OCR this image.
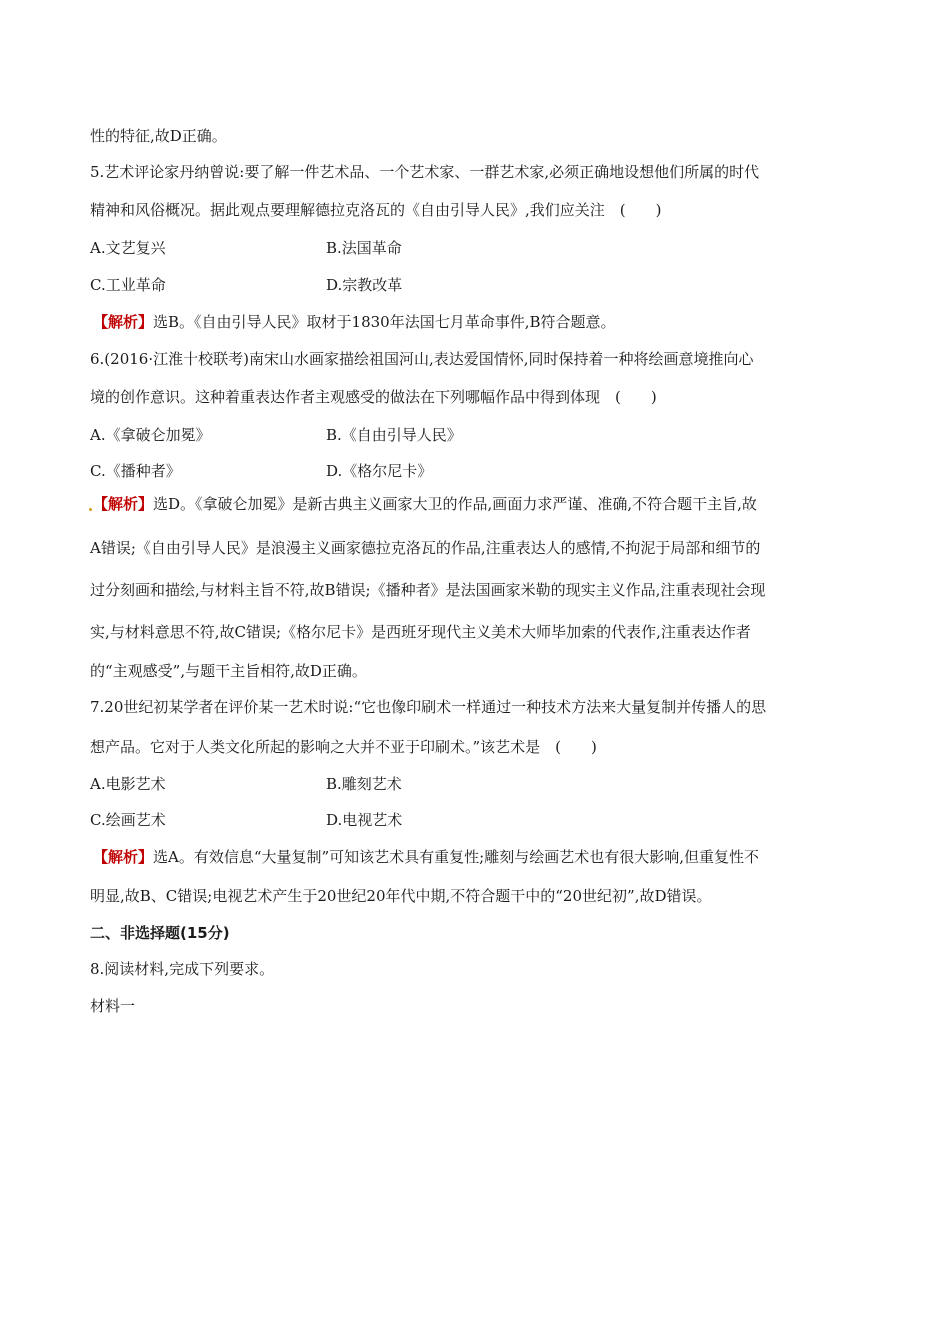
性的特征,故D正确。
5.艺术评论家丹纳曾说:要了解一件艺术品、一个艺术家、一群艺术家,必须正确地设想他们所属的时代
精神和风俗概况。据此观点要理解德拉克洛瓦的《自由引导人民》,我们应关注　(　　)
A.文艺复兴	B.法国革命
C.工业革命	D.宗教改革
【解析】选B。《自由引导人民》取材于1830年法国七月革命事件,B符合题意。
6.(2016·江淮十校联考)南宋山水画家描绘祖国河山,表达爱国情怀,同时保持着一种将绘画意境推向心
境的创作意识。这种着重表达作者主观感受的做法在下列哪幅作品中得到体现　(　　)
A.《拿破仑加冕》	B.《自由引导人民》
C.《播种者》	D.《格尔尼卡》
【解析】选D。《拿破仑加冕》是新古典主义画家大卫的作品,画面力求严谨、准确,不符合题干主旨,故
A错误;《自由引导人民》是浪漫主义画家德拉克洛瓦的作品,注重表达人的感情,不拘泥于局部和细节的
过分刻画和描绘,与材料主旨不符,故B错误;《播种者》是法国画家米勒的现实主义作品,注重表现社会现
实,与材料意思不符,故C错误;《格尔尼卡》是西班牙现代主义美术大师毕加索的代表作,注重表达作者
的“主观感受”,与题干主旨相符,故D正确。
7.20世纪初某学者在评价某一艺术时说:“它也像印刷术一样通过一种技术方法来大量复制并传播人的思
想产品。它对于人类文化所起的影响之大并不亚于印刷术。”该艺术是　(　　)
A.电影艺术	B.雕刻艺术
C.绘画艺术	D.电视艺术
【解析】选A。有效信息“大量复制”可知该艺术具有重复性;雕刻与绘画艺术也有很大影响,但重复性不
明显,故B、C错误;电视艺术产生于20世纪20年代中期,不符合题干中的“20世纪初”,故D错误。
二、非选择题(15分)
8.阅读材料,完成下列要求。
材料一
